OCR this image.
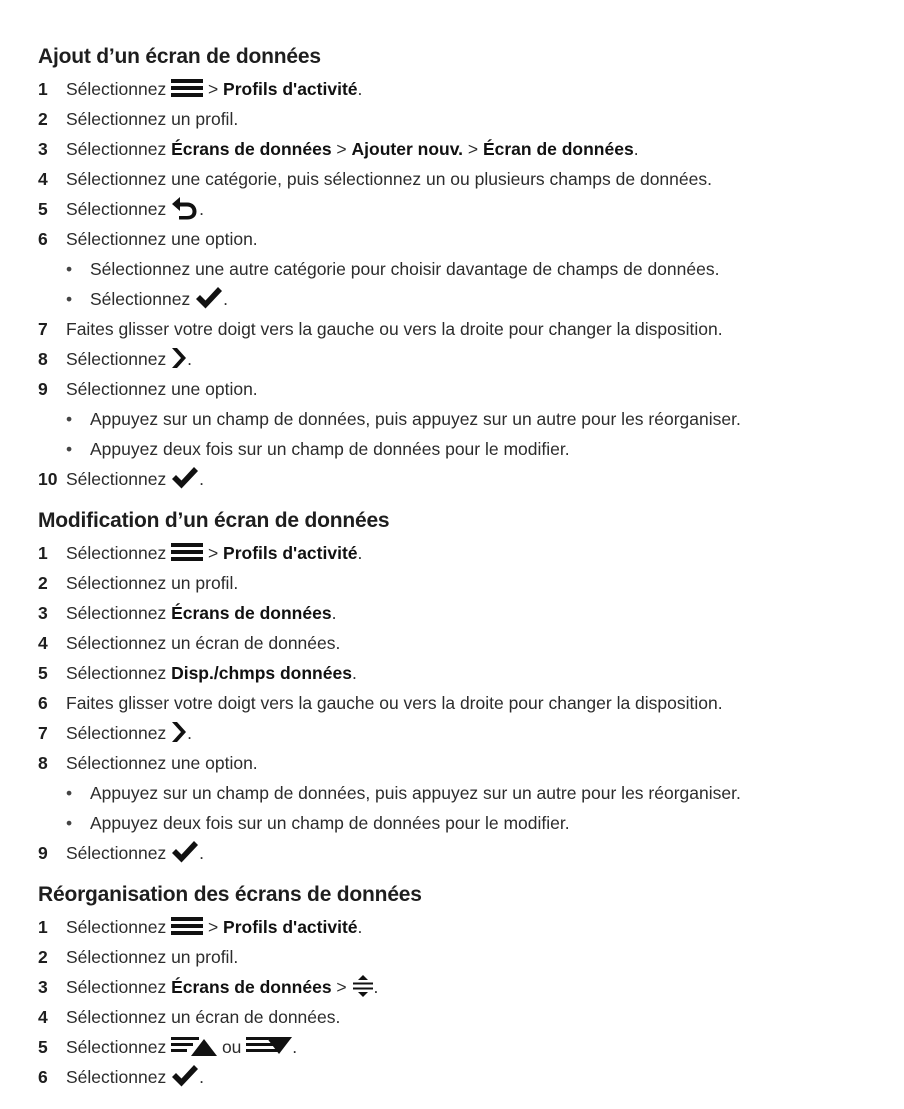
Ajout d’un écran de données
1 Sélectionnez
> Profils d'activité.
2 Sélectionnez un profil.
3 Sélectionnez Écrans de données > Ajouter nouv. > Écran de données.
4 Sélectionnez une catégorie, puis sélectionnez un ou plusieurs champs de données.
5 Sélectionnez
.
6 Sélectionnez une option.
• Sélectionnez une autre catégorie pour choisir davantage de champs de données.
• Sélectionnez
.
7 Faites glisser votre doigt vers la gauche ou vers la droite pour changer la disposition.
8 Sélectionnez
.
9 Sélectionnez une option.
• Appuyez sur un champ de données, puis appuyez sur un autre pour les réorganiser.
• Appuyez deux fois sur un champ de données pour le modifier.
10 Sélectionnez
.
Modification d’un écran de données
1 Sélectionnez
> Profils d'activité.
2 Sélectionnez un profil.
3 Sélectionnez Écrans de données.
4 Sélectionnez un écran de données.
5 Sélectionnez Disp./chmps données.
6 Faites glisser votre doigt vers la gauche ou vers la droite pour changer la disposition.
7 Sélectionnez
.
8 Sélectionnez une option.
• Appuyez sur un champ de données, puis appuyez sur un autre pour les réorganiser.
• Appuyez deux fois sur un champ de données pour le modifier.
9 Sélectionnez
.
Réorganisation des écrans de données
1 Sélectionnez
> Profils d'activité.
2 Sélectionnez un profil.
3 Sélectionnez Écrans de données >
.
4 Sélectionnez un écran de données.
5 Sélectionnez	ou	.
6 Sélectionnez
.
